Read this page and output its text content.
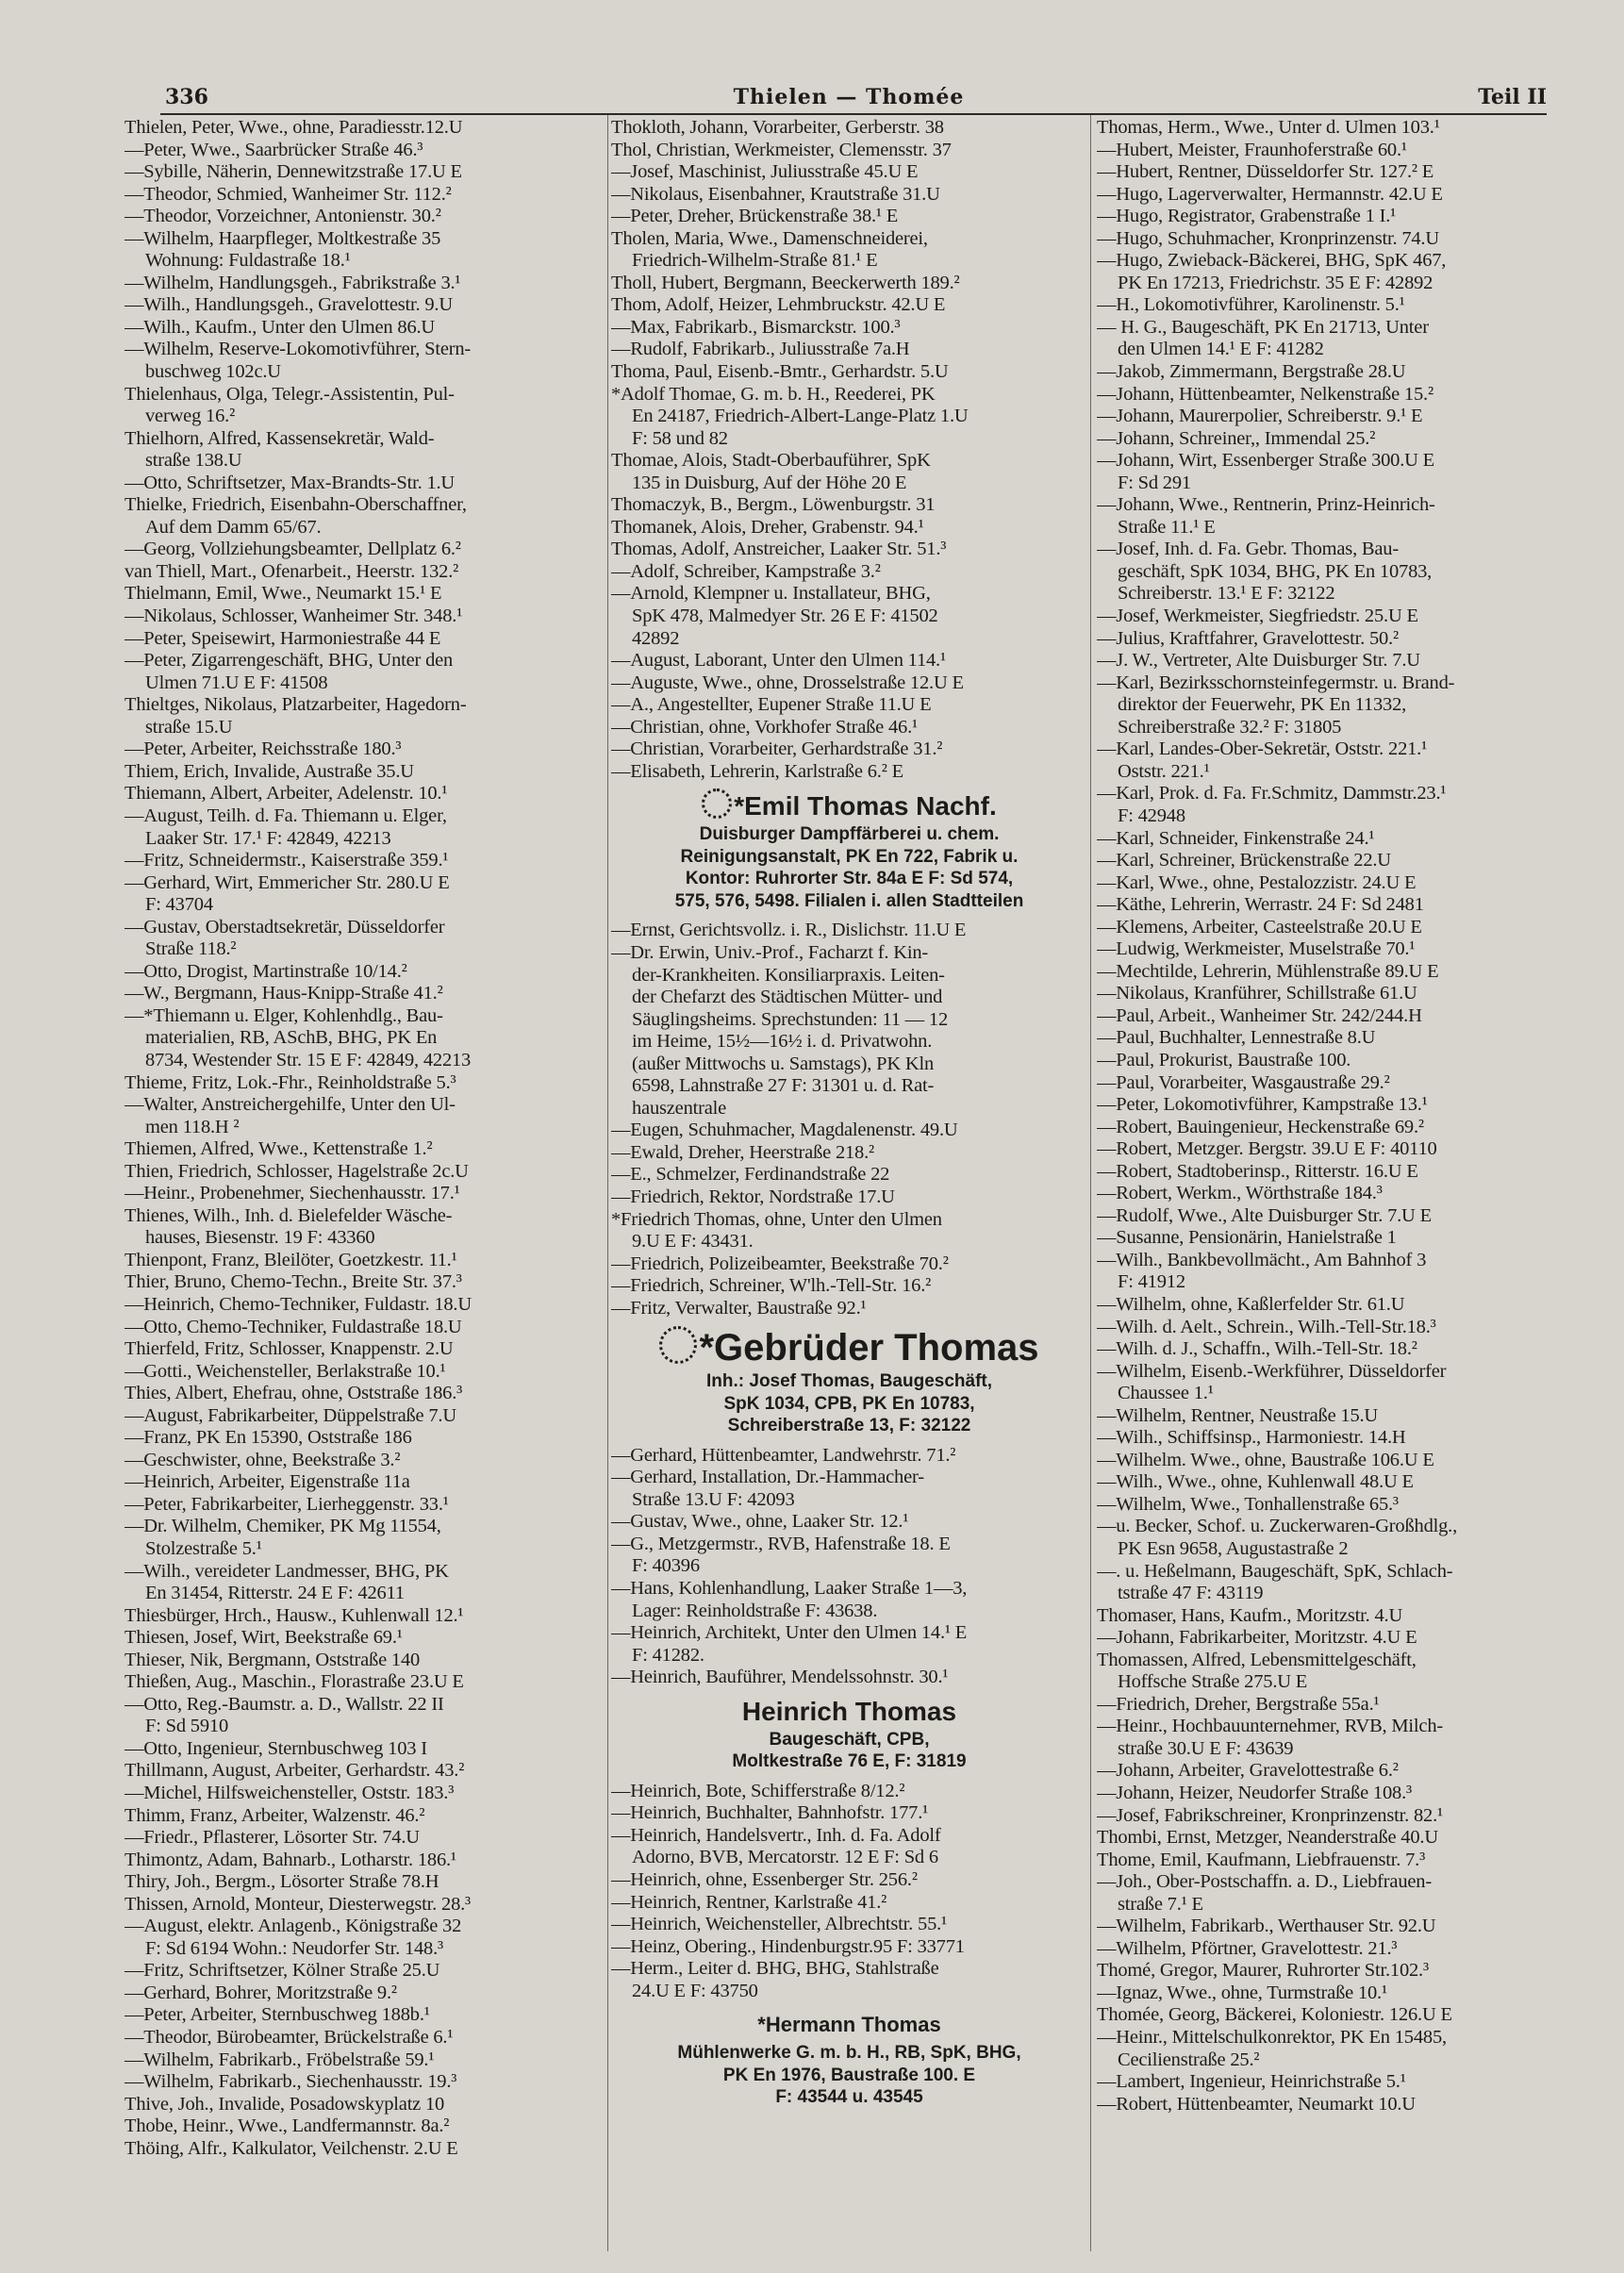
336	Thielen — Thomée	Teil II
Thielen, Peter, Wwe., ohne, Paradiesstr.12.U
—Peter, Wwe., Saarbrücker Straße 46.³
—Sybille, Näherin, Dennewitzstraße 17.U E
—Theodor, Schmied, Wanheimer Str. 112.²
—Theodor, Vorzeichner, Antonienstr. 30.²
—Wilhelm, Haarpfleger, Moltkestraße 35
Wohnung: Fuldastraße 18.¹
—Wilhelm, Handlungsgeh., Fabrikstraße 3.¹
—Wilh., Handlungsgeh., Gravelottestr. 9.U
—Wilh., Kaufm., Unter den Ulmen 86.U
—Wilhelm, Reserve-Lokomotivführer, Stern-
buschweg 102c.U
Thielenhaus, Olga, Telegr.-Assistentin, Pul-
verweg 16.²
Thielhorn, Alfred, Kassensekretär, Wald-
straße 138.U
—Otto, Schriftsetzer, Max-Brandts-Str. 1.U
Thielke, Friedrich, Eisenbahn-Oberschaffner,
Auf dem Damm 65/67.
—Georg, Vollziehungsbeamter, Dellplatz 6.²
van Thiell, Mart., Ofenarbeit., Heerstr. 132.²
Thielmann, Emil, Wwe., Neumarkt 15.¹ E
—Nikolaus, Schlosser, Wanheimer Str. 348.¹
—Peter, Speisewirt, Harmoniestraße 44 E
—Peter, Zigarrengeschäft, BHG, Unter den
Ulmen 71.U E F: 41508
Thieltges, Nikolaus, Platzarbeiter, Hagedorn-
straße 15.U
—Peter, Arbeiter, Reichsstraße 180.³
Thiem, Erich, Invalide, Austraße 35.U
Thiemann, Albert, Arbeiter, Adelenstr. 10.¹
—August, Teilh. d. Fa. Thiemann u. Elger,
Laaker Str. 17.¹ F: 42849, 42213
—Fritz, Schneidermstr., Kaiserstraße 359.¹
—Gerhard, Wirt, Emmericher Str. 280.U E
F: 43704
—Gustav, Oberstadtsekretär, Düsseldorfer
Straße 118.²
—Otto, Drogist, Martinstraße 10/14.²
—W., Bergmann, Haus-Knipp-Straße 41.²
—*Thiemann u. Elger, Kohlenhdlg., Bau-
materialien, RB, ASchB, BHG, PK En
8734, Westender Str. 15 E F: 42849, 42213
Thieme, Fritz, Lok.-Fhr., Reinholdstraße 5.³
—Walter, Anstreichergehilfe, Unter den Ul-
men 118.H ²
Thiemen, Alfred, Wwe., Kettenstraße 1.²
Thien, Friedrich, Schlosser, Hagelstraße 2c.U
—Heinr., Probenehmer, Siechenhausstr. 17.¹
Thienes, Wilh., Inh. d. Bielefelder Wäsche-
hauses, Biesenstr. 19 F: 43360
Thienpont, Franz, Bleilöter, Goetzkestr. 11.¹
Thier, Bruno, Chemo-Techn., Breite Str. 37.³
—Heinrich, Chemo-Techniker, Fuldastr. 18.U
—Otto, Chemo-Techniker, Fuldastraße 18.U
Thierfeld, Fritz, Schlosser, Knappenstr. 2.U
—Gotti., Weichensteller, Berlakstraße 10.¹
Thies, Albert, Ehefrau, ohne, Oststraße 186.³
—August, Fabrikarbeiter, Düppelstraße 7.U
—Franz, PK En 15390, Oststraße 186
—Geschwister, ohne, Beekstraße 3.²
—Heinrich, Arbeiter, Eigenstraße 11a
—Peter, Fabrikarbeiter, Lierheggenstr. 33.¹
—Dr. Wilhelm, Chemiker, PK Mg 11554,
Stolzestraße 5.¹
—Wilh., vereideter Landmesser, BHG, PK
En 31454, Ritterstr. 24 E F: 42611
Thiesbürger, Hrch., Hausw., Kuhlenwall 12.¹
Thiesen, Josef, Wirt, Beekstraße 69.¹
Thieser, Nik, Bergmann, Oststraße 140
Thießen, Aug., Maschin., Florastraße 23.U E
—Otto, Reg.-Baumstr. a. D., Wallstr. 22 II
F: Sd 5910
—Otto, Ingenieur, Sternbuschweg 103 I
Thillmann, August, Arbeiter, Gerhardstr. 43.²
—Michel, Hilfsweichensteller, Oststr. 183.³
Thimm, Franz, Arbeiter, Walzenstr. 46.²
—Friedr., Pflasterer, Lösorter Str. 74.U
Thimontz, Adam, Bahnarb., Lotharstr. 186.¹
Thiry, Joh., Bergm., Lösorter Straße 78.H
Thissen, Arnold, Monteur, Diesterwegstr. 28.³
—August, elektr. Anlagenb., Königstraße 32
F: Sd 6194 Wohn.: Neudorfer Str. 148.³
—Fritz, Schriftsetzer, Kölner Straße 25.U
—Gerhard, Bohrer, Moritzstraße 9.²
—Peter, Arbeiter, Sternbuschweg 188b.¹
—Theodor, Bürobeamter, Brückelstraße 6.¹
—Wilhelm, Fabrikarb., Fröbelstraße 59.¹
—Wilhelm, Fabrikarb., Siechenhausstr. 19.³
Thive, Joh., Invalide, Posadowskyplatz 10
Thobe, Heinr., Wwe., Landfermannstr. 8a.²
Thöing, Alfr., Kalkulator, Veilchenstr. 2.U E
Thokloth, Johann, Vorarbeiter, Gerberstr. 38
Thol, Christian, Werkmeister, Clemensstr. 37
—Josef, Maschinist, Juliusstraße 45.U E
—Nikolaus, Eisenbahner, Krautstraße 31.U
—Peter, Dreher, Brückenstraße 38.¹ E
Tholen, Maria, Wwe., Damenschneiderei,
Friedrich-Wilhelm-Straße 81.¹ E
Tholl, Hubert, Bergmann, Beeckerwerth 189.²
Thom, Adolf, Heizer, Lehmbruckstr. 42.U E
—Max, Fabrikarb., Bismarckstr. 100.³
—Rudolf, Fabrikarb., Juliusstraße 7a.H
Thoma, Paul, Eisenb.-Bmtr., Gerhardstr. 5.U
*Adolf Thomae, G. m. b. H., Reederei, PK
En 24187, Friedrich-Albert-Lange-Platz 1.U
F: 58 und 82
Thomae, Alois, Stadt-Oberbauführer, SpK
135 in Duisburg, Auf der Höhe 20 E
Thomaczyk, B., Bergm., Löwenburgstr. 31
Thomanek, Alois, Dreher, Grabenstr. 94.¹
Thomas, Adolf, Anstreicher, Laaker Str. 51.³
—Adolf, Schreiber, Kampstraße 3.²
—Arnold, Klempner u. Installateur, BHG,
SpK 478, Malmedyer Str. 26 E F: 41502
42892
—August, Laborant, Unter den Ulmen 114.¹
—Auguste, Wwe., ohne, Drosselstraße 12.U E
—A., Angestellter, Eupener Straße 11.U E
—Christian, ohne, Vorkhofer Straße 46.¹
—Christian, Vorarbeiter, Gerhardstraße 31.²
—Elisabeth, Lehrerin, Karlstraße 6.² E
*Emil Thomas Nachf.
Duisburger Dampffärberei u. chem.
Reinigungsanstalt, PK En 722, Fabrik u.
Kontor: Ruhrorter Str. 84a E F: Sd 574,
575, 576, 5498. Filialen i. allen Stadtteilen
—Ernst, Gerichtsvollz. i. R., Dislichstr. 11.U E
—Dr. Erwin, Univ.-Prof., Facharzt f. Kin-
der-Krankheiten. Konsiliarpraxis. Leiten-
der Chefarzt des Städtischen Mütter- und
Säuglingsheims. Sprechstunden: 11 — 12
im Heime, 15½—16½ i. d. Privatwohn.
(außer Mittwochs u. Samstags), PK Kln
6598, Lahnstraße 27 F: 31301 u. d. Rat-
hauszentrale
—Eugen, Schuhmacher, Magdalenenstr. 49.U
—Ewald, Dreher, Heerstraße 218.²
—E., Schmelzer, Ferdinandstraße 22
—Friedrich, Rektor, Nordstraße 17.U
*Friedrich Thomas, ohne, Unter den Ulmen
9.U E F: 43431.
—Friedrich, Polizeibeamter, Beekstraße 70.²
—Friedrich, Schreiner, W'lh.-Tell-Str. 16.²
—Fritz, Verwalter, Baustraße 92.¹
*Gebrüder Thomas
Inh.: Josef Thomas, Baugeschäft,
SpK 1034, CPB, PK En 10783,
Schreiberstraße 13, F: 32122
—Gerhard, Hüttenbeamter, Landwehrstr. 71.²
—Gerhard, Installation, Dr.-Hammacher-
Straße 13.U F: 42093
—Gustav, Wwe., ohne, Laaker Str. 12.¹
—G., Metzgermstr., RVB, Hafenstraße 18. E
F: 40396
—Hans, Kohlenhandlung, Laaker Straße 1—3,
Lager: Reinholdstraße F: 43638.
—Heinrich, Architekt, Unter den Ulmen 14.¹ E
F: 41282.
—Heinrich, Bauführer, Mendelssohnstr. 30.¹
Heinrich Thomas
Baugeschäft, CPB,
Moltkestraße 76 E, F: 31819
—Heinrich, Bote, Schifferstraße 8/12.²
—Heinrich, Buchhalter, Bahnhofstr. 177.¹
—Heinrich, Handelsvertr., Inh. d. Fa. Adolf
Adorno, BVB, Mercatorstr. 12 E F: Sd 6
—Heinrich, ohne, Essenberger Str. 256.²
—Heinrich, Rentner, Karlstraße 41.²
—Heinrich, Weichensteller, Albrechtstr. 55.¹
—Heinz, Obering., Hindenburgstr.95 F: 33771
—Herm., Leiter d. BHG, BHG, Stahlstraße
24.U E F: 43750
*Hermann Thomas
Mühlenwerke G. m. b. H., RB, SpK, BHG,
PK En 1976, Baustraße 100. E
F: 43544 u. 43545
Thomas, Herm., Wwe., Unter d. Ulmen 103.¹
—Hubert, Meister, Fraunhoferstraße 60.¹
—Hubert, Rentner, Düsseldorfer Str. 127.² E
—Hugo, Lagerverwalter, Hermannstr. 42.U E
—Hugo, Registrator, Grabenstraße 1 I.¹
—Hugo, Schuhmacher, Kronprinzenstr. 74.U
—Hugo, Zwieback-Bäckerei, BHG, SpK 467,
PK En 17213, Friedrichstr. 35 E F: 42892
—H., Lokomotivführer, Karolinenstr. 5.¹
— H. G., Baugeschäft, PK En 21713, Unter
den Ulmen 14.¹ E F: 41282
—Jakob, Zimmermann, Bergstraße 28.U
—Johann, Hüttenbeamter, Nelkenstraße 15.²
—Johann, Maurerpolier, Schreiberstr. 9.¹ E
—Johann, Schreiner,, Immendal 25.²
—Johann, Wirt, Essenberger Straße 300.U E
F: Sd 291
—Johann, Wwe., Rentnerin, Prinz-Heinrich-
Straße 11.¹ E
—Josef, Inh. d. Fa. Gebr. Thomas, Bau-
geschäft, SpK 1034, BHG, PK En 10783,
Schreiberstr. 13.¹ E F: 32122
—Josef, Werkmeister, Siegfriedstr. 25.U E
—Julius, Kraftfahrer, Gravelottestr. 50.²
—J. W., Vertreter, Alte Duisburger Str. 7.U
—Karl, Bezirksschornsteinfegermstr. u. Brand-
direktor der Feuerwehr, PK En 11332,
Schreiberstraße 32.² F: 31805
—Karl, Landes-Ober-Sekretär, Oststr. 221.¹
Oststr. 221.¹
—Karl, Prok. d. Fa. Fr.Schmitz, Dammstr.23.¹
F: 42948
—Karl, Schneider, Finkenstraße 24.¹
—Karl, Schreiner, Brückenstraße 22.U
—Karl, Wwe., ohne, Pestalozzistr. 24.U E
—Käthe, Lehrerin, Werrastr. 24 F: Sd 2481
—Klemens, Arbeiter, Casteelstraße 20.U E
—Ludwig, Werkmeister, Muselstraße 70.¹
—Mechtilde, Lehrerin, Mühlenstraße 89.U E
—Nikolaus, Kranführer, Schillstraße 61.U
—Paul, Arbeit., Wanheimer Str. 242/244.H
—Paul, Buchhalter, Lennestraße 8.U
—Paul, Prokurist, Baustraße 100.
—Paul, Vorarbeiter, Wasgaustraße 29.²
—Peter, Lokomotivführer, Kampstraße 13.¹
—Robert, Bauingenieur, Heckenstraße 69.²
—Robert, Metzger. Bergstr. 39.U E F: 40110
—Robert, Stadtoberinsp., Ritterstr. 16.U E
—Robert, Werkm., Wörthstraße 184.³
—Rudolf, Wwe., Alte Duisburger Str. 7.U E
—Susanne, Pensionärin, Hanielstraße 1
—Wilh., Bankbevollmächt., Am Bahnhof 3
F: 41912
—Wilhelm, ohne, Kaßlerfelder Str. 61.U
—Wilh. d. Aelt., Schrein., Wilh.-Tell-Str.18.³
—Wilh. d. J., Schaffn., Wilh.-Tell-Str. 18.²
—Wilhelm, Eisenb.-Werkführer, Düsseldorfer
Chaussee 1.¹
—Wilhelm, Rentner, Neustraße 15.U
—Wilh., Schiffsinsp., Harmoniestr. 14.H
—Wilhelm. Wwe., ohne, Baustraße 106.U E
—Wilh., Wwe., ohne, Kuhlenwall 48.U E
—Wilhelm, Wwe., Tonhallenstraße 65.³
—u. Becker, Schof. u. Zuckerwaren-Großhdlg.,
PK Esn 9658, Augustastraße 2
—. u. Heßelmann, Baugeschäft, SpK, Schlach-
tstraße 47 F: 43119
Thomaser, Hans, Kaufm., Moritzstr. 4.U
—Johann, Fabrikarbeiter, Moritzstr. 4.U E
Thomassen, Alfred, Lebensmittelgeschäft,
Hoffsche Straße 275.U E
—Friedrich, Dreher, Bergstraße 55a.¹
—Heinr., Hochbauunternehmer, RVB, Milch-
straße 30.U E F: 43639
—Johann, Arbeiter, Gravelottestraße 6.²
—Johann, Heizer, Neudorfer Straße 108.³
—Josef, Fabrikschreiner, Kronprinzenstr. 82.¹
Thombi, Ernst, Metzger, Neanderstraße 40.U
Thome, Emil, Kaufmann, Liebfrauenstr. 7.³
—Joh., Ober-Postschaffn. a. D., Liebfrauen-
straße 7.¹ E
—Wilhelm, Fabrikarb., Werthauser Str. 92.U
—Wilhelm, Pförtner, Gravelottestr. 21.³
Thomé, Gregor, Maurer, Ruhrorter Str.102.³
—Ignaz, Wwe., ohne, Turmstraße 10.¹
Thomée, Georg, Bäckerei, Koloniestr. 126.U E
—Heinr., Mittelschulkonrektor, PK En 15485,
Cecilienstraße 25.²
—Lambert, Ingenieur, Heinrichstraße 5.¹
—Robert, Hüttenbeamter, Neumarkt 10.U
